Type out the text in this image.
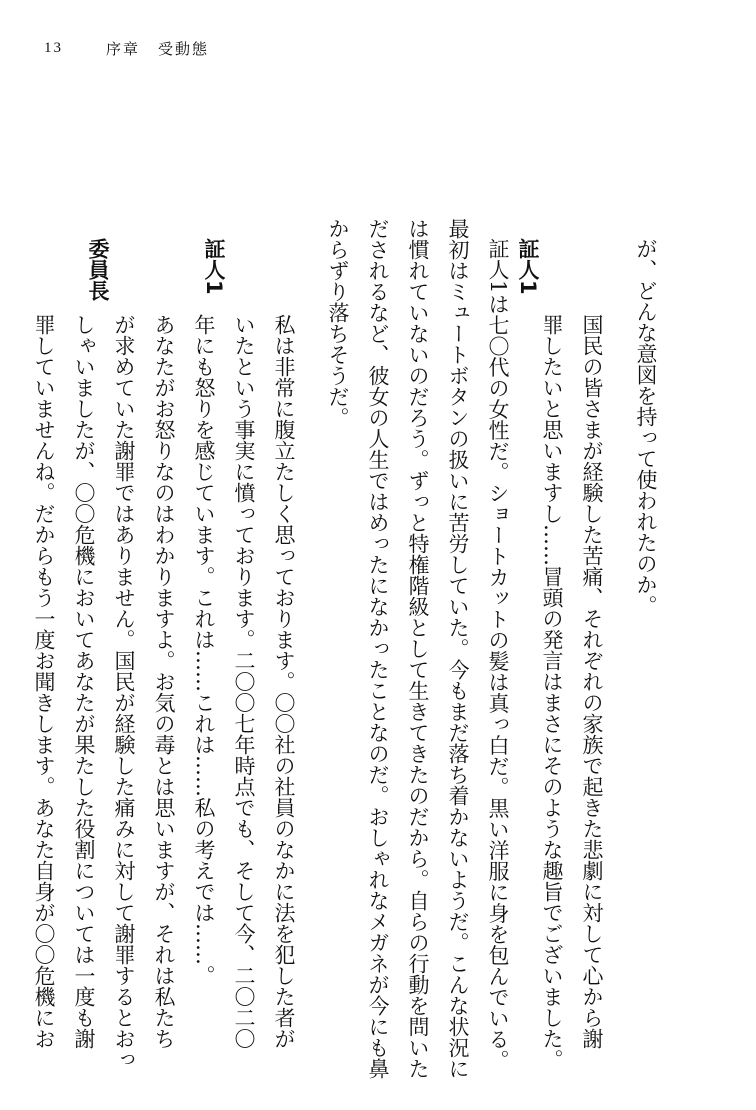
13	序章 受動態
が、どんな意図を持って使われたのか。
証人1
国民の皆さまが経験した苦痛、それぞれの家族で起きた悲劇に対して心から謝
罪したいと思いますし……冒頭の発言はまさにそのような趣旨でございました。
証人1は七〇代の女性だ。ショートカットの髪は真っ白だ。黒い洋服に身を包んでいる。
最初はミュートボタンの扱いに苦労していた。今もまだ落ち着かないようだ。こんな状況に
は慣れていないのだろう。ずっと特権階級として生きてきたのだから。自らの行動を問いた
だされるなど、彼女の人生ではめったになかったことなのだ。おしゃれなメガネが今にも鼻
からずり落ちそうだ。
証人1
私は非常に腹立たしく思っております。〇〇社の社員のなかに法を犯した者が
いたという事実に憤っております。二〇〇七年時点でも、そして今、二〇二〇
年にも怒りを感じています。これは……これは……私の考えでは……。
委員長
あなたがお怒りなのはわかりますよ。お気の毒とは思いますが、それは私たち
が求めていた謝罪ではありません。国民が経験した痛みに対して謝罪するとおっ
しゃいましたが、〇〇危機においてあなたが果たした役割については一度も謝
罪していませんね。だからもう一度お聞きします。あなた自身が〇〇危機にお
